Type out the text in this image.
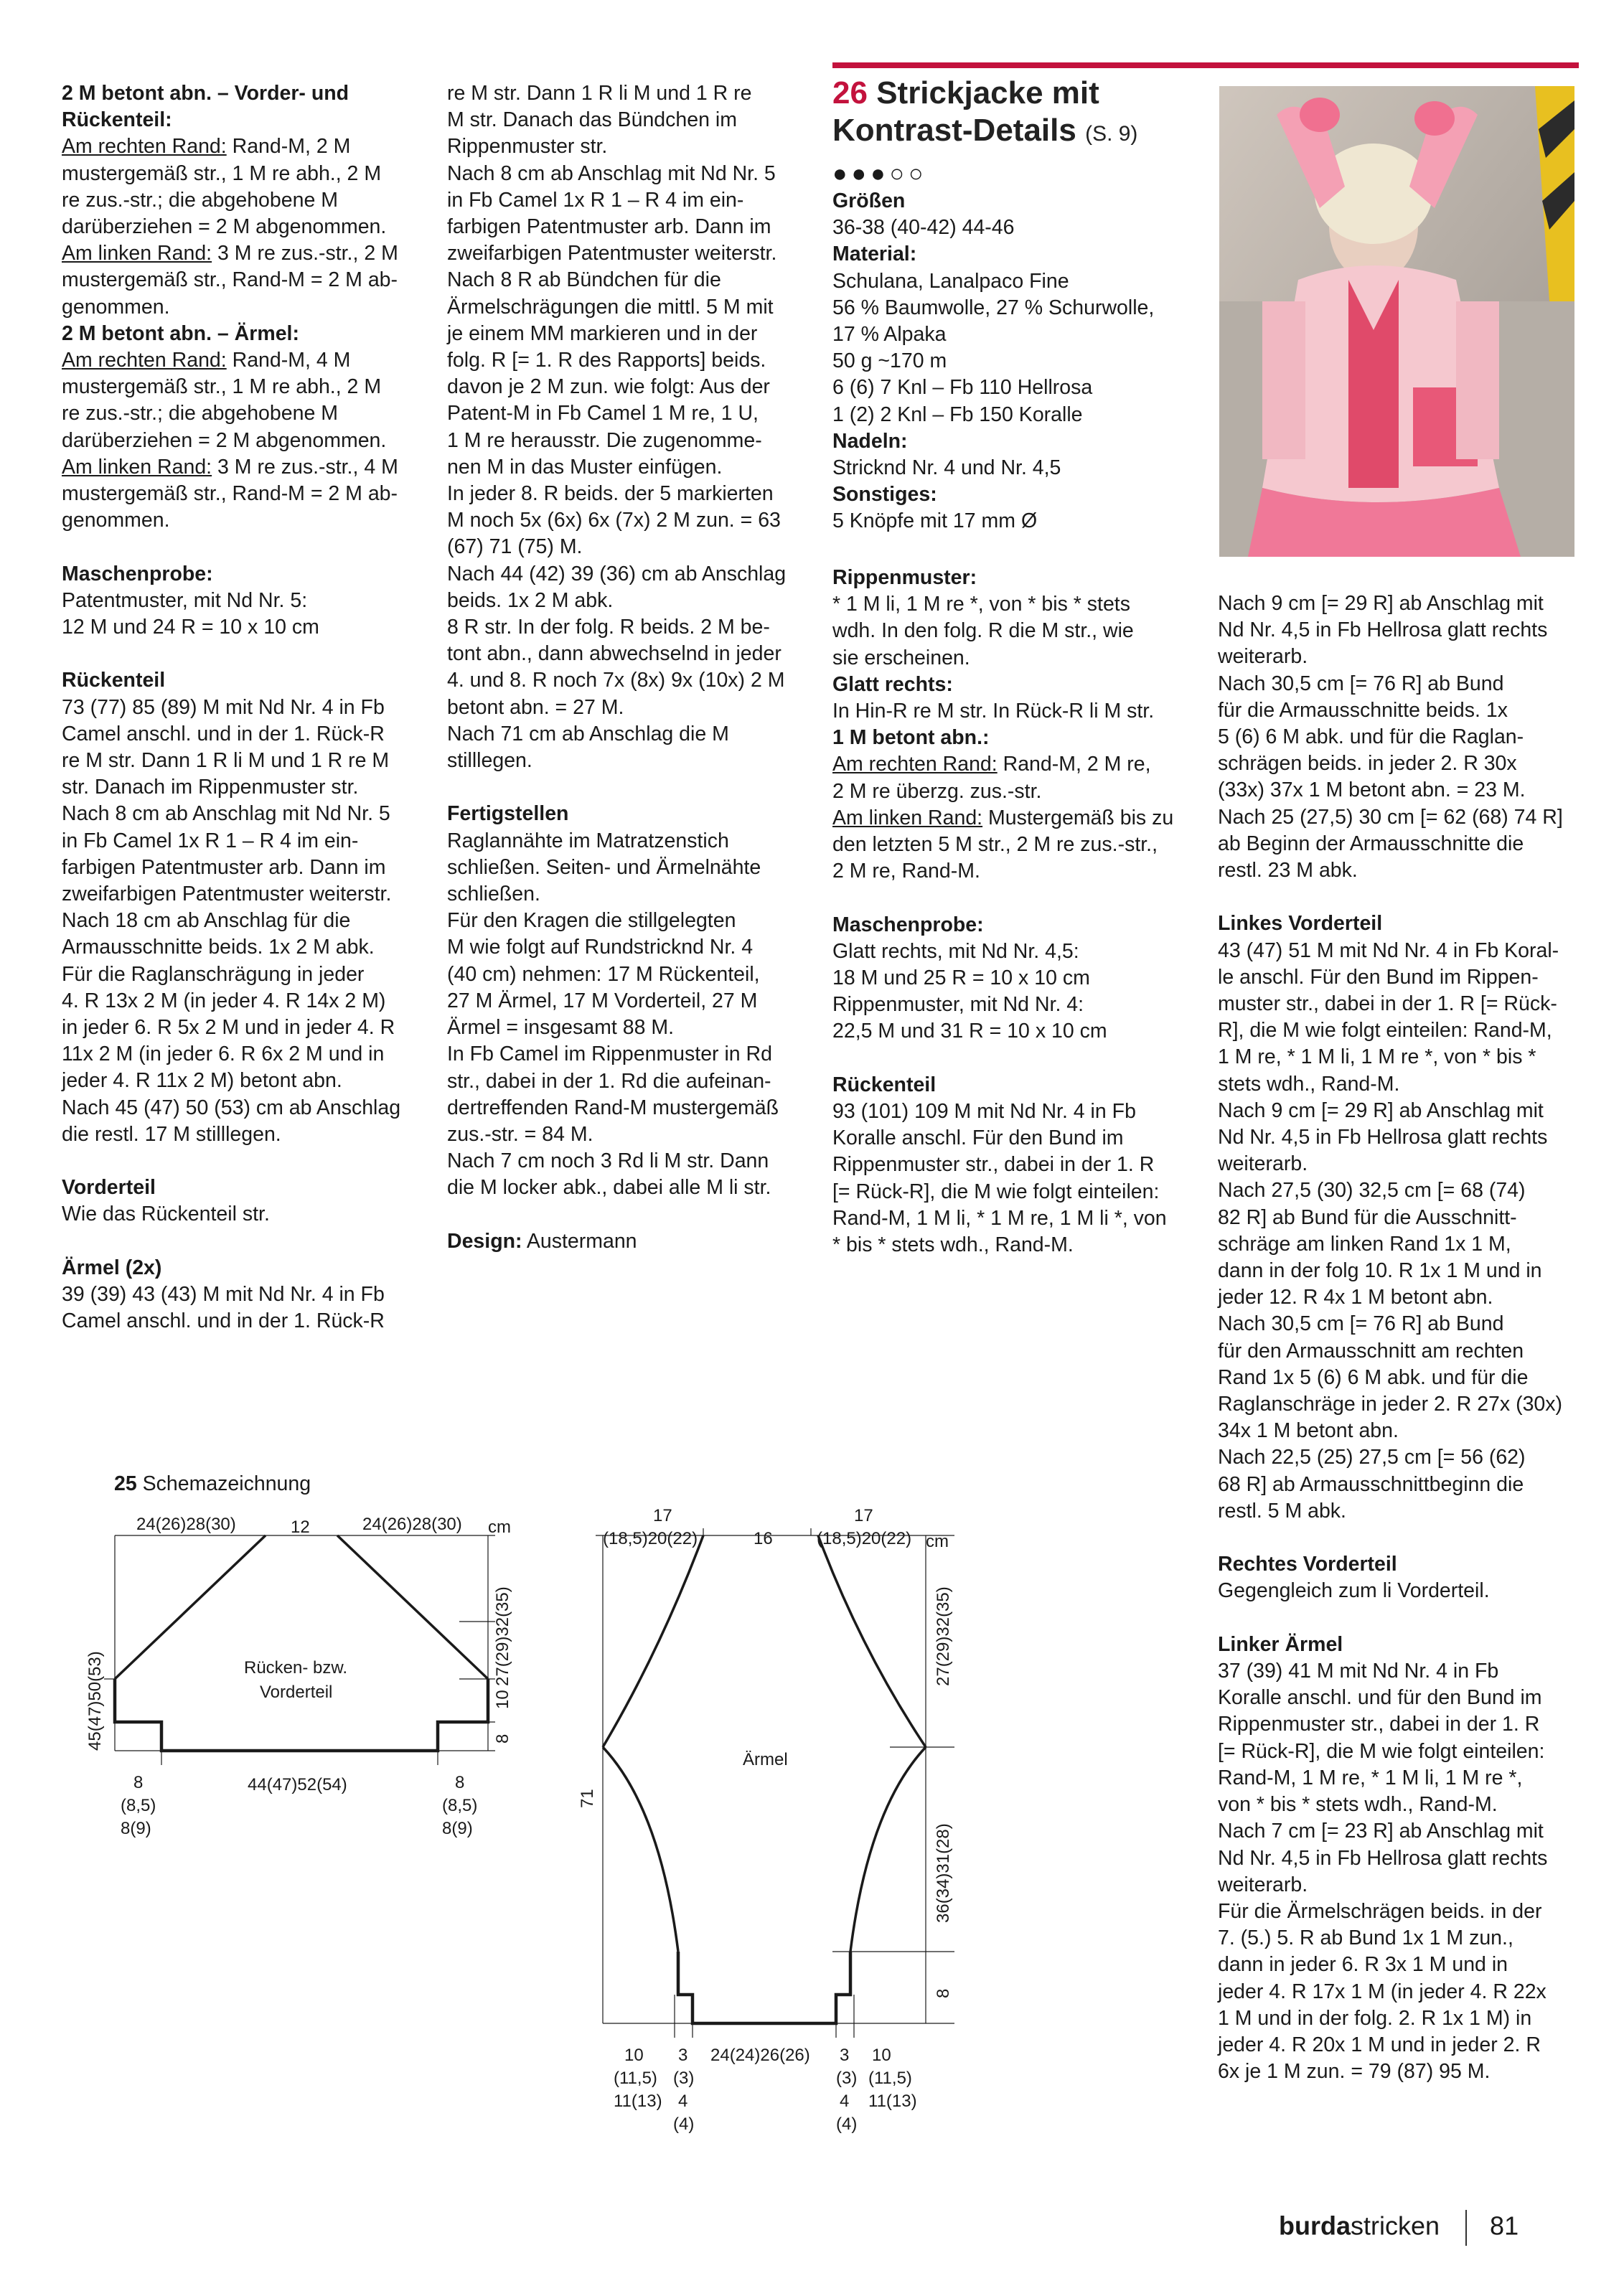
2 M betont abn. – Vorder- und
Rückenteil:

Am rechten Rand: Rand-M, 2 M
mustergemäß str., 1 M re abh., 2 M
re zus.-str.; die abgehobene M
darüberziehen = 2 M abgenommen.

Am linken Rand: 3 M re zus.-str., 2 M
mustergemäß str., Rand-M = 2 M ab-
genommen.

2 M betont abn. – Ärmel:

Am rechten Rand: Rand-M, 4 M
mustergemäß str., 1 M re abh., 2 M
re zus.-str.; die abgehobene M
darüberziehen = 2 M abgenommen.

Am linken Rand: 3 M re zus.-str., 4 M
mustergemäß str., Rand-M = 2 M ab-
genommen.

Maschenprobe:

Patentmuster, mit Nd Nr. 5:
12 M und 24 R = 10 x 10 cm

Rückenteil

73 (77) 85 (89) M mit Nd Nr. 4 in Fb
Camel anschl. und in der 1. Rück-R
re M str. Dann 1 R li M und 1 R re M
str. Danach im Rippenmuster str.
Nach 8 cm ab Anschlag mit Nd Nr. 5
in Fb Camel 1x R 1 – R 4 im ein-
farbigen Patentmuster arb. Dann im
zweifarbigen Patentmuster weiterstr.
Nach 18 cm ab Anschlag für die
Armausschnitte beids. 1x 2 M abk.
Für die Raglanschrägung in jeder
4. R 13x 2 M (in jeder 4. R 14x 2 M)
in jeder 6. R 5x 2 M und in jeder 4. R
11x 2 M (in jeder 6. R 6x 2 M und in
jeder 4. R 11x 2 M) betont abn.
Nach 45 (47) 50 (53) cm ab Anschlag
die restl. 17 M stilllegen.

Vorderteil

Wie das Rückenteil str.

Ärmel (2x)

39 (39) 43 (43) M mit Nd Nr. 4 in Fb
Camel anschl. und in der 1. Rück-R

re M str. Dann 1 R li M und 1 R re
M str. Danach das Bündchen im
Rippenmuster str.
Nach 8 cm ab Anschlag mit Nd Nr. 5
in Fb Camel 1x R 1 – R 4 im ein-
farbigen Patentmuster arb. Dann im
zweifarbigen Patentmuster weiterstr.
Nach 8 R ab Bündchen für die
Ärmelschrägungen die mittl. 5 M mit
je einem MM markieren und in der
folg. R [= 1. R des Rapports] beids.
davon je 2 M zun. wie folgt: Aus der
Patent-M in Fb Camel 1 M re, 1 U,
1 M re herausstr. Die zugenomme-
nen M in das Muster einfügen.
In jeder 8. R beids. der 5 markierten
M noch 5x (6x) 6x (7x) 2 M zun. = 63
(67) 71 (75) M.
Nach 44 (42) 39 (36) cm ab Anschlag
beids. 1x 2 M abk.
8 R str. In der folg. R beids. 2 M be-
tont abn., dann abwechselnd in jeder
4. und 8. R noch 7x (8x) 9x (10x) 2 M
betont abn. = 27 M.
Nach 71 cm ab Anschlag die M
stilllegen.

Fertigstellen

Raglannähte im Matratzenstich
schließen. Seiten- und Ärmelnähte
schließen.
Für den Kragen die stillgelegten
M wie folgt auf Rundstricknd Nr. 4
(40 cm) nehmen: 17 M Rückenteil,
27 M Ärmel, 17 M Vorderteil, 27 M
Ärmel = insgesamt 88 M.
In Fb Camel im Rippenmuster in Rd
str., dabei in der 1. Rd die aufeinan-
dertreffenden Rand-M mustergemäß
zus.-str. = 84 M.
Nach 7 cm noch 3 Rd li M str. Dann
die M locker abk., dabei alle M li str.

Design: Austermann

26 Strickjacke mit
Kontrast-Details (S. 9)
●●●○○

Größen

36-38 (40-42) 44-46

Material:

Schulana, Lanalpaco Fine
56 % Baumwolle, 27 % Schurwolle,
17 % Alpaka
50 g ~170 m
6 (6) 7 Knl – Fb 110 Hellrosa
1 (2) 2 Knl – Fb 150 Koralle

Nadeln:

Stricknd Nr. 4 und Nr. 4,5

Sonstiges:

5 Knöpfe mit 17 mm Ø

Rippenmuster:

* 1 M li, 1 M re *, von * bis * stets
wdh. In den folg. R die M str., wie
sie erscheinen.

Glatt rechts:

In Hin-R re M str. In Rück-R li M str.

1 M betont abn.:

Am rechten Rand: Rand-M, 2 M re,
2 M re überzg. zus.-str.

Am linken Rand: Mustergemäß bis zu
den letzten 5 M str., 2 M re zus.-str.,
2 M re, Rand-M.

Maschenprobe:

Glatt rechts, mit Nd Nr. 4,5:
18 M und 25 R = 10 x 10 cm
Rippenmuster, mit Nd Nr. 4:
22,5 M und 31 R = 10 x 10 cm

Rückenteil

93 (101) 109 M mit Nd Nr. 4 in Fb
Koralle anschl. Für den Bund im
Rippenmuster str., dabei in der 1. R
[= Rück-R], die M wie folgt einteilen:
Rand-M, 1 M li, * 1 M re, 1 M li *, von
* bis * stets wdh., Rand-M.

Nach 9 cm [= 29 R] ab Anschlag mit
Nd Nr. 4,5 in Fb Hellrosa glatt rechts
weiterarb.
Nach 30,5 cm [= 76 R] ab Bund
für die Armausschnitte beids. 1x
5 (6) 6 M abk. und für die Raglan-
schrägen beids. in jeder 2. R 30x
(33x) 37x 1 M betont abn. = 23 M.
Nach 25 (27,5) 30 cm [= 62 (68) 74 R]
ab Beginn der Armausschnitte die
restl. 23 M abk.

Linkes Vorderteil

43 (47) 51 M mit Nd Nr. 4 in Fb Koral-
le anschl. Für den Bund im Rippen-
muster str., dabei in der 1. R [= Rück-
R], die M wie folgt einteilen: Rand-M,
1 M re, * 1 M li, 1 M re *, von * bis *
stets wdh., Rand-M.
Nach 9 cm [= 29 R] ab Anschlag mit
Nd Nr. 4,5 in Fb Hellrosa glatt rechts
weiterarb.
Nach 27,5 (30) 32,5 cm [= 68 (74)
82 R] ab Bund für die Ausschnitt-
schräge am linken Rand 1x 1 M,
dann in der folg 10. R 1x 1 M und in
jeder 12. R 4x 1 M betont abn.
Nach 30,5 cm [= 76 R] ab Bund
für den Armausschnitt am rechten
Rand 1x 5 (6) 6 M abk. und für die
Raglanschräge in jeder 2. R 27x (30x)
34x 1 M betont abn.
Nach 22,5 (25) 27,5 cm [= 56 (62)
68 R] ab Armausschnittbeginn die
restl. 5 M abk.

Rechtes Vorderteil

Gegengleich zum li Vorderteil.

Linker Ärmel

37 (39) 41 M mit Nd Nr. 4 in Fb
Koralle anschl. und für den Bund im
Rippenmuster str., dabei in der 1. R
[= Rück-R], die M wie folgt einteilen:
Rand-M, 1 M re, * 1 M li, 1 M re *,
von * bis * stets wdh., Rand-M.
Nach 7 cm [= 23 R] ab Anschlag mit
Nd Nr. 4,5 in Fb Hellrosa glatt rechts
weiterarb.
Für die Ärmelschrägen beids. in der
7. (5.) 5. R ab Bund 1x 1 M zun.,
dann in jeder 6. R 3x 1 M und in
jeder 4. R 17x 1 M (in jeder 4. R 22x
1 M und in der folg. 2. R 1x 1 M) in
jeder 4. R 20x 1 M und in jeder 2. R
6x je 1 M zun. = 79 (87) 95 M.

25 Schemazeichnung
24(26)28(30)	12	24(26)28(30) cm
27(29)32(35)
10
8
45(47)50(53)	Rücken- bzw.
Vorderteil
44(47)52(54)
8
(8,5)
8(9)
8
(8,5)
8(9)
17
(18,5)20(22)	16
17
(18,5)20(22) cm
27(29)32(35)
36(34)31(28)
8
71
Ärmel
10
(11,5)
11(13)
3
(3)
4
(4)
24(24)26(26) 3
(3)
4
(4)
10
(11,5)
11(13)
burdastricken 81
